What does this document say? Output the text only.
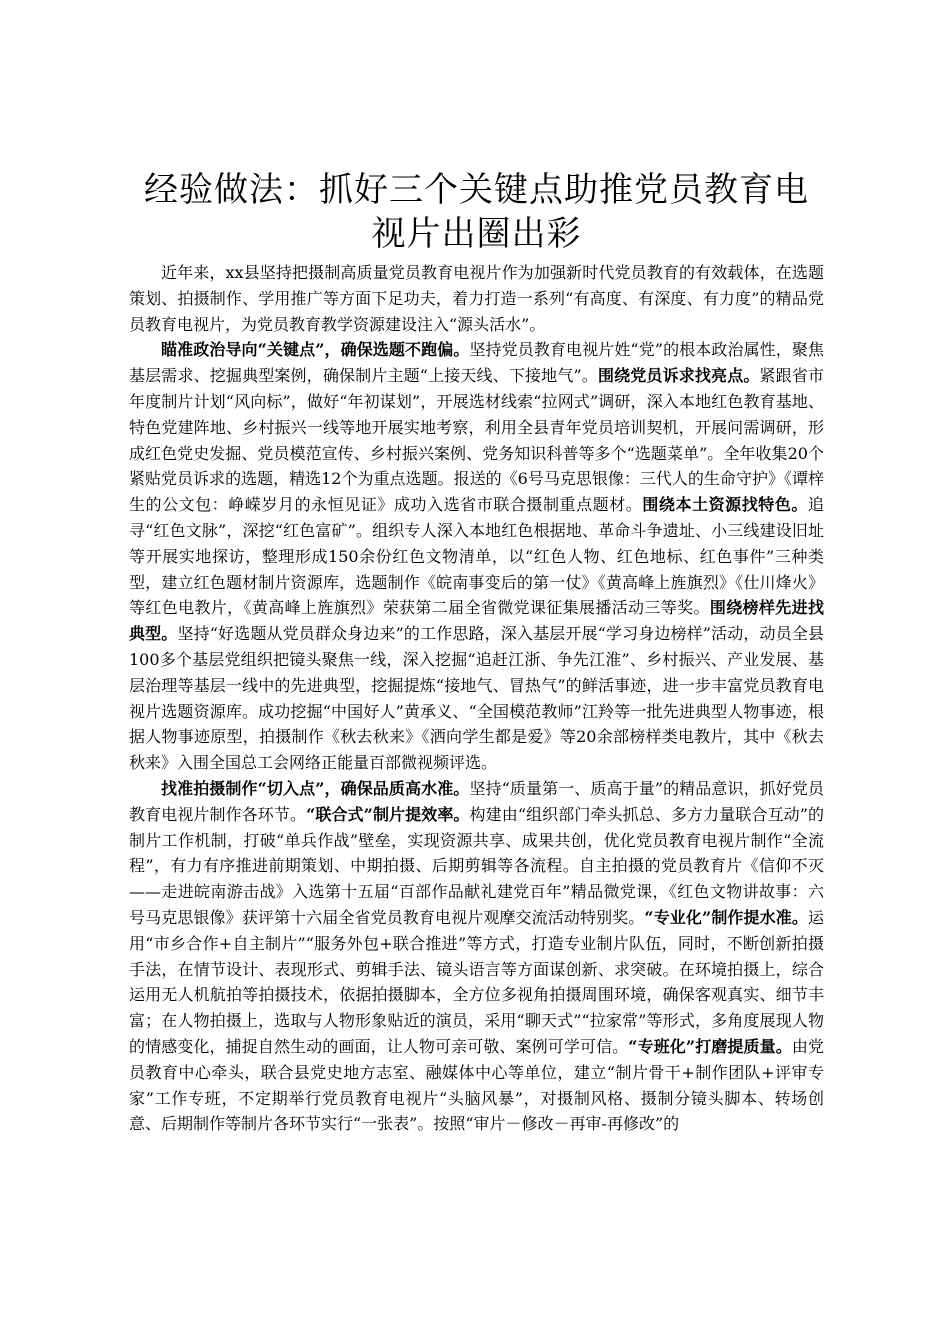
经验做法：抓好三个关键点助推党员教育电视片出圈出彩

近年来，xx县坚持把摄制高质量党员教育电视片作为加强新时代党员教育的有效载体，在选题策划、拍摄制作、学用推广等方面下足功夫，着力打造一系列“有高度、有深度、有力度”的精品党员教育电视片，为党员教育教学资源建设注入“源头活水”。

瞄准政治导向“关键点”，确保选题不跑偏。坚持党员教育电视片姓“党”的根本政治属性，聚焦基层需求、挖掘典型案例，确保制片主题“上接天线、下接地气”。围绕党员诉求找亮点。紧跟省市年度制片计划“风向标”，做好“年初谋划”，开展选材线索“拉网式”调研，深入本地红色教育基地、特色党建阵地、乡村振兴一线等地开展实地考察，利用全县青年党员培训契机，开展问需调研，形成红色党史发掘、党员模范宣传、乡村振兴案例、党务知识科普等多个“选题菜单”。全年收集20个紧贴党员诉求的选题，精选12个为重点选题。报送的《6号马克思银像：三代人的生命守护》《谭梓生的公文包：峥嵘岁月的永恒见证》成功入选省市联合摄制重点题材。围绕本土资源找特色。追寻“红色文脉”，深挖“红色富矿”。组织专人深入本地红色根据地、革命斗争遗址、小三线建设旧址等开展实地探访，整理形成150余份红色文物清单，以“红色人物、红色地标、红色事件”三种类型，建立红色题材制片资源库，选题制作《皖南事变后的第一仗》《黄高峰上旌旗烈》《仕川烽火》等红色电教片，《黄高峰上旌旗烈》荣获第二届全省微党课征集展播活动三等奖。围绕榜样先进找典型。坚持“好选题从党员群众身边来”的工作思路，深入基层开展“学习身边榜样”活动，动员全县100多个基层党组织把镜头聚焦一线，深入挖掘“追赶江浙、争先江淮”、乡村振兴、产业发展、基层治理等基层一线中的先进典型，挖掘提炼“接地气、冒热气”的鲜活事迹，进一步丰富党员教育电视片选题资源库。成功挖掘“中国好人”黄承义、“全国模范教师”江羚等一批先进典型人物事迹，根据人物事迹原型，拍摄制作《秋去秋来》《洒向学生都是爱》等20余部榜样类电教片，其中《秋去秋来》入围全国总工会网络正能量百部微视频评选。

找准拍摄制作“切入点”，确保品质高水准。坚持“质量第一、质高于量”的精品意识，抓好党员教育电视片制作各环节。“联合式”制片提效率。构建由“组织部门牵头抓总、多方力量联合互动”的制片工作机制，打破“单兵作战”壁垒，实现资源共享、成果共创，优化党员教育电视片制作“全流程”，有力有序推进前期策划、中期拍摄、后期剪辑等各流程。自主拍摄的党员教育片《信仰不灭——走进皖南游击战》入选第十五届“百部作品献礼建党百年”精品微党课，《红色文物讲故事：六号马克思银像》获评第十六届全省党员教育电视片观摩交流活动特别奖。“专业化”制作提水准。运用“市乡合作+自主制片”“服务外包+联合推进”等方式，打造专业制片队伍，同时，不断创新拍摄手法，在情节设计、表现形式、剪辑手法、镜头语言等方面谋创新、求突破。在环境拍摄上，综合运用无人机航拍等拍摄技术，依据拍摄脚本，全方位多视角拍摄周围环境，确保客观真实、细节丰富；在人物拍摄上，选取与人物形象贴近的演员，采用“聊天式”“拉家常”等形式，多角度展现人物的情感变化，捕捉自然生动的画面，让人物可亲可敬、案例可学可信。“专班化”打磨提质量。由党员教育中心牵头，联合县党史地方志室、融媒体中心等单位，建立“制片骨干+制作团队+评审专家”工作专班，不定期举行党员教育电视片“头脑风暴”，对摄制风格、摄制分镜头脚本、转场创意、后期制作等制片各环节实行“一张表”。按照“审片－修改－再审-再修改”的
